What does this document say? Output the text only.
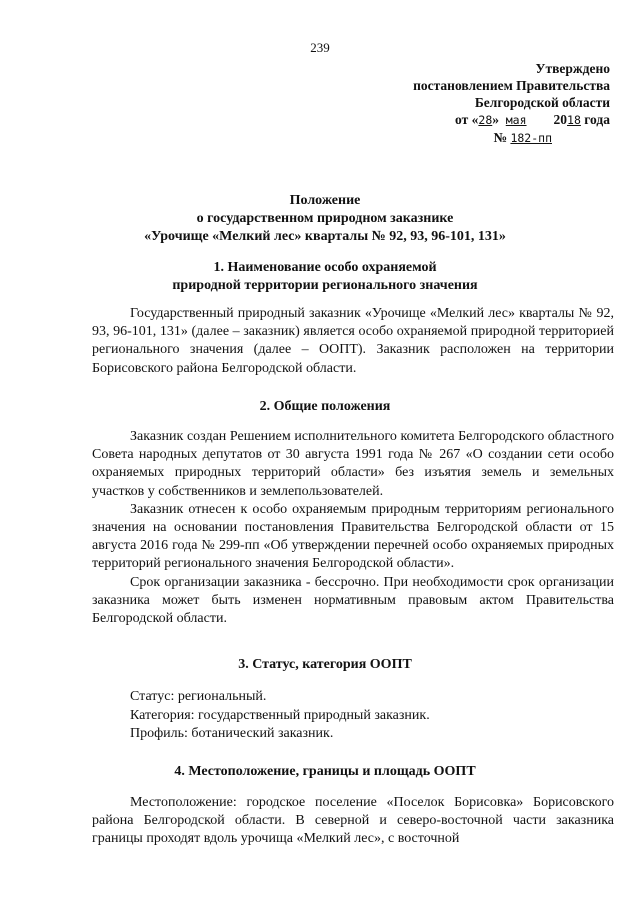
239
Утверждено
постановлением Правительства
Белгородской области
от «28» мая 2018 года
№ 182-пп
Положение
о государственном природном заказнике
«Урочище «Мелкий лес» кварталы № 92, 93, 96-101, 131»
1. Наименование особо охраняемой
природной территории регионального значения

Государственный природный заказник «Урочище «Мелкий лес» кварталы № 92, 93, 96-101, 131» (далее – заказник) является особо охраняемой природной территорией регионального значения (далее – ООПТ). Заказник расположен на территории Борисовского района Белгородской области.

2. Общие положения

Заказник создан Решением исполнительного комитета Белгородского областного Совета народных депутатов от 30 августа 1991 года № 267 «О создании сети особо охраняемых природных территорий области» без изъятия земель и земельных участков у собственников и землепользователей.

Заказник отнесен к особо охраняемым природным территориям регионального значения на основании постановления Правительства Белгородской области от 15 августа 2016 года № 299-пп «Об утверждении перечней особо охраняемых природных территорий регионального значения Белгородской области».

Срок организации заказника - бессрочно. При необходимости срок организации заказника может быть изменен нормативным правовым актом Правительства Белгородской области.

3. Статус, категория ООПТ
Статус: региональный.
Категория: государственный природный заказник.
Профиль: ботанический заказник.
4. Местоположение, границы и площадь ООПТ

Местоположение: городское поселение «Поселок Борисовка» Борисовского района Белгородской области. В северной и северо-восточной части заказника границы проходят вдоль урочища «Мелкий лес», с восточной
